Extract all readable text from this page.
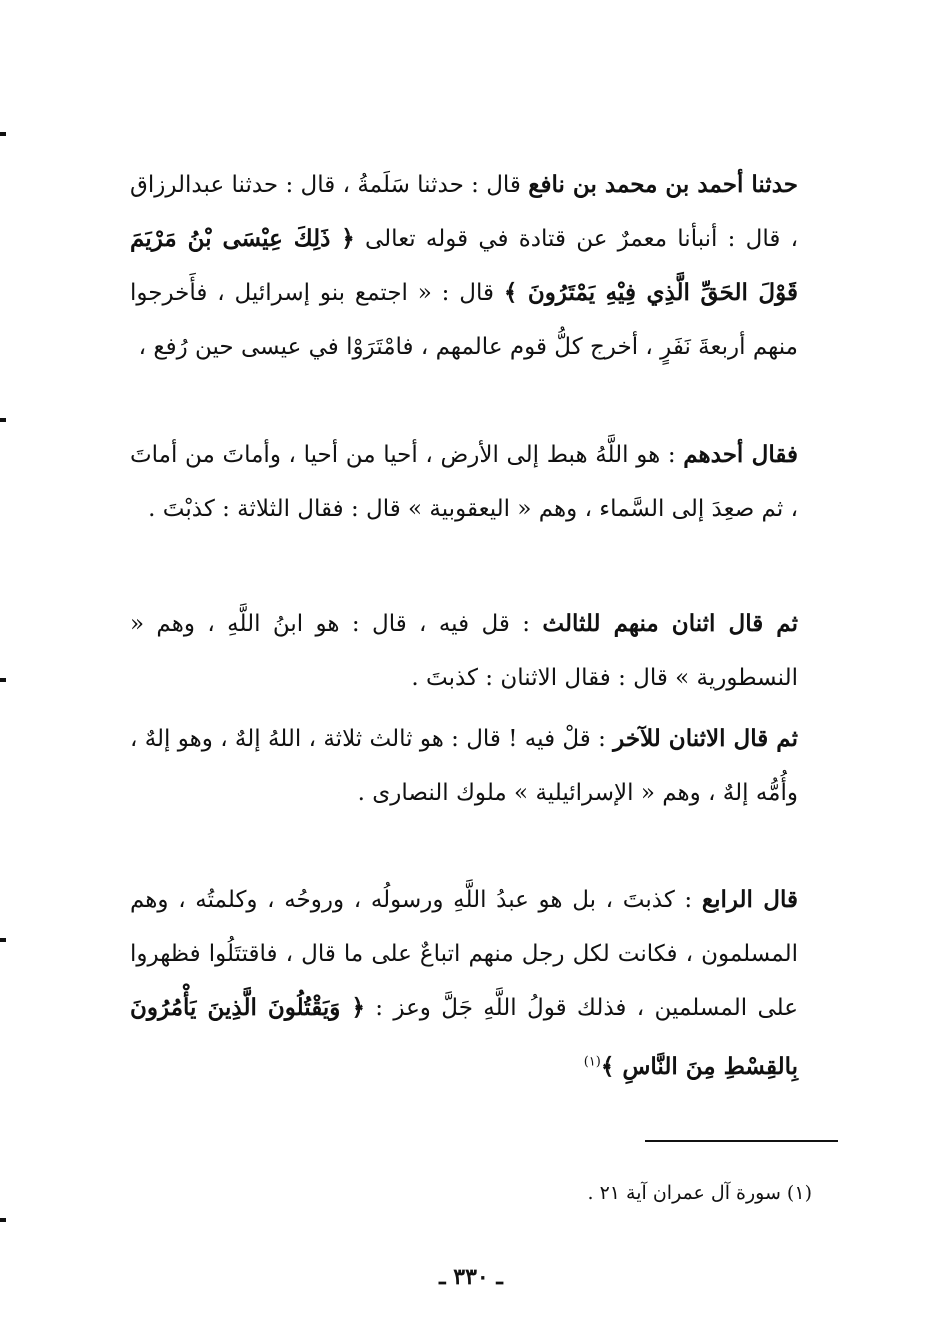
حدثنا أحمد بن محمد بن نافع قال : حدثنا سَلَمةُ ، قال : حدثنا عبدالرزاق ، قال : أنبأنا معمرٌ عن قتادة في قوله تعالى ﴿ ذَلِكَ عِيْسَى بْنُ مَرْيَمَ قَوْلَ الحَقِّ الَّذِي فِيْهِ يَمْتَرُونَ ﴾ قال : « اجتمع بنو إسرائيل ، فأَخرجوا منهم أربعةَ نَفَرٍ ، أخرج كلُّ قوم عالمهم ، فامْتَرَوْا في عيسى حين رُفع ،

فقال أحدهم : هو اللَّهُ هبط إلى الأرض ، أحيا من أحيا ، وأماتَ من أماتَ ، ثم صعِدَ إلى السَّماء ، وهم « اليعقوبية » قال : فقال الثلاثة : كذبْتَ .

ثم قال اثنان منهم للثالث : قل فيه ، قال : هو ابنُ اللَّهِ ، وهم « النسطورية » قال : فقال الاثنان : كذبتَ .

ثم قال الاثنان للآخر : قلْ فيه ! قال : هو ثالث ثلاثة ، اللهُ إلهٌ ، وهو إلهٌ ، وأُمُّه إلهٌ ، وهم « الإسرائيلية » ملوك النصارى .

قال الرابع : كذبتَ ، بل هو عبدُ اللَّهِ ورسولُه ، وروحُه ، وكلمتُه ، وهم المسلمون ، فكانت لكل رجل منهم اتباعٌ على ما قال ، فاقتتَلُوا فظهروا على المسلمين ، فذلك قولُ اللَّهِ جَلَّ وعز : ﴿ وَيَقْتُلُونَ الَّذِينَ يَأْمُرُونَ بِالقِسْطِ مِنَ النَّاسِ ﴾$^{(١)}$

(١) سورة آل عمران آية ٢١ .
ـ ٣٣٠ ـ
